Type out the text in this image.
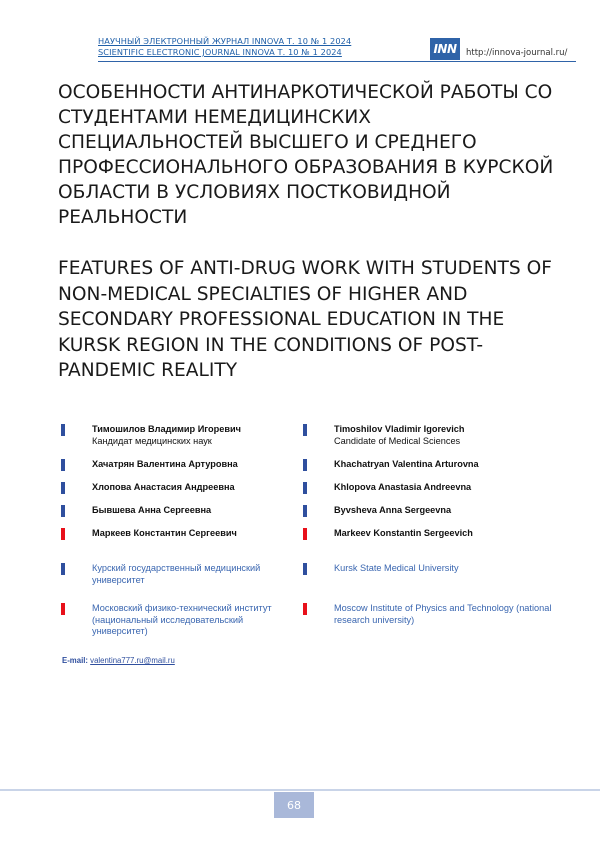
НАУЧНЫЙ ЭЛЕКТРОННЫЙ ЖУРНАЛ INNOVA Т. 10 № 1 2024
SCIENTIFIC ELECTRONIC JOURNAL INNOVA Т. 10 № 1 2024	INN	http://innova-journal.ru/
ОСОБЕННОСТИ АНТИНАРКОТИЧЕСКОЙ РАБОТЫ СО СТУДЕНТАМИ НЕМЕДИЦИНСКИХ СПЕЦИАЛЬНОСТЕЙ ВЫСШЕГО И СРЕДНЕГО ПРОФЕССИОНАЛЬНОГО ОБРАЗОВАНИЯ В КУРСКОЙ ОБЛАСТИ В УСЛОВИЯХ ПОСТКОВИДНОЙ РЕАЛЬНОСТИ
FEATURES OF ANTI-DRUG WORK WITH STUDENTS OF NON-MEDICAL SPECIALTIES OF HIGHER AND SECONDARY PROFESSIONAL EDUCATION IN THE KURSK REGION IN THE CONDITIONS OF POST-PANDEMIC REALITY
Тимошилов Владимир Игоревич
Кандидат медицинских наук
Хачатрян Валентина Артуровна
Хлопова Анастасия Андреевна
Бывшева Анна Сергеевна
Маркеев Константин Сергеевич
Timoshilov Vladimir Igorevich
Candidate of Medical Sciences
Khachatryan Valentina Arturovna
Khlopova Anastasia Andreevna
Byvsheva Anna Sergeevna
Markeev Konstantin Sergeevich
Курский государственный медицинский университет
Kursk State Medical University
Московский физико-технический институт (национальный исследовательский университет)
Moscow Institute of Physics and Technology (national research university)
E-mail: valentina777.ru@mail.ru
68
